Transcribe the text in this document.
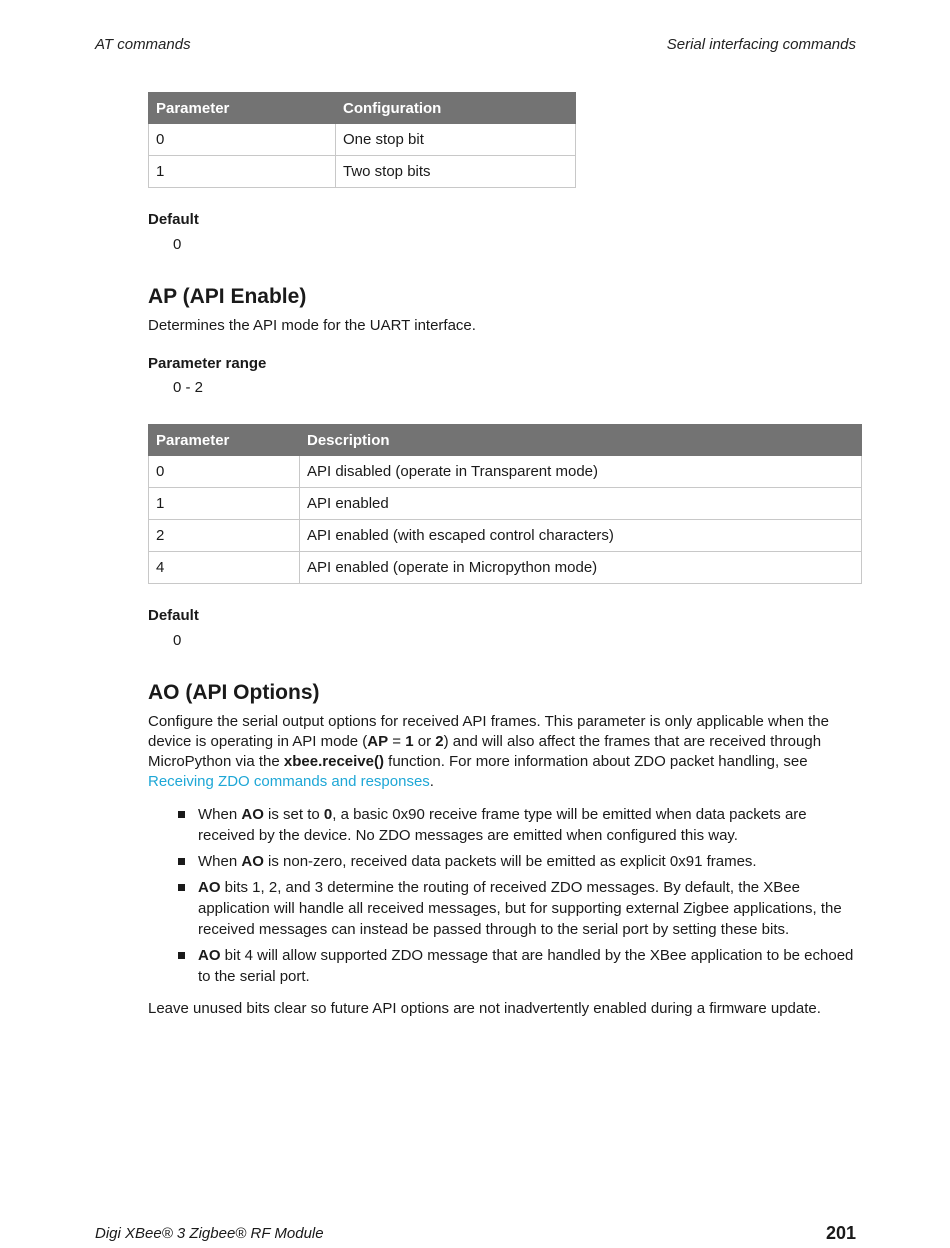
AT commands	Serial interfacing commands
Parameter	Configuration
0	One stop bit
1	Two stop bits
Default
0
AP (API Enable)

Determines the API mode for the UART interface.

Parameter range
0 - 2
Parameter	Description
0	API disabled (operate in Transparent mode)
1	API enabled
2	API enabled (with escaped control characters)
4	API enabled (operate in Micropython mode)
Default
0
AO (API Options)

Configure the serial output options for received API frames. This parameter is only applicable when the device is operating in API mode (AP = 1 or 2) and will also affect the frames that are received through MicroPython via the xbee.receive() function. For more information about ZDO packet handling, see Receiving ZDO commands and responses.

When AO is set to 0, a basic 0x90 receive frame type will be emitted when data packets are received by the device. No ZDO messages are emitted when configured this way.
When AO is non-zero, received data packets will be emitted as explicit 0x91 frames.
AO bits 1, 2, and 3 determine the routing of received ZDO messages. By default, the XBee application will handle all received messages, but for supporting external Zigbee applications, the received messages can instead be passed through to the serial port by setting these bits.
AO bit 4 will allow supported ZDO message that are handled by the XBee application to be echoed to the serial port.

Leave unused bits clear so future API options are not inadvertently enabled during a firmware update.

Digi XBee® 3 Zigbee® RF Module	201
